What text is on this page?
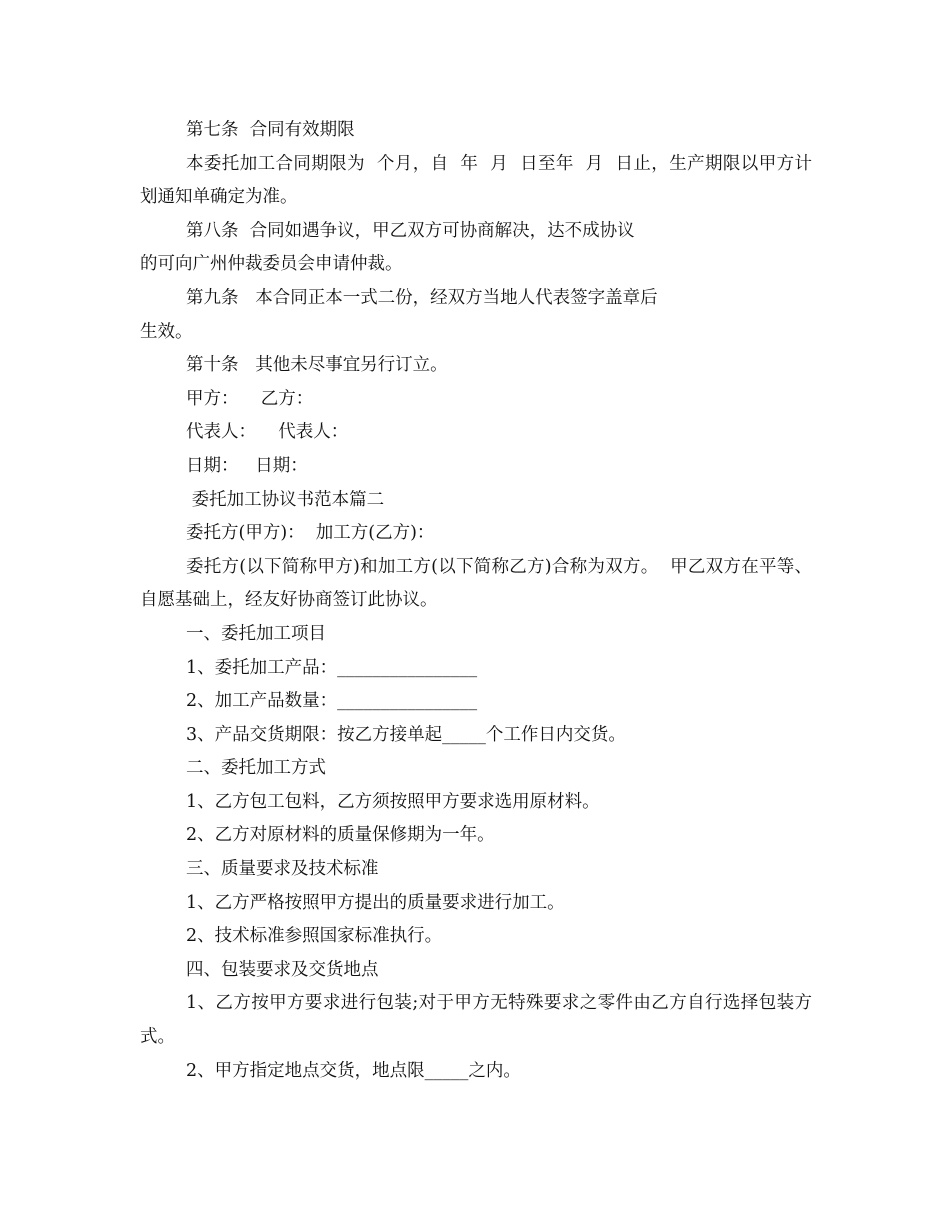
第七条  合同有效期限

本委托加工合同期限为  个月，自  年  月  日至年  月  日止，生产期限以甲方计划通知单确定为准。

第八条  合同如遇争议，甲乙双方可协商解决，达不成协议

的可向广州仲裁委员会申请仲裁。

第九条   本合同正本一式二份，经双方当地人代表签字盖章后

生效。

第十条   其他未尽事宜另行订立。

甲方：    乙方：

代表人：    代表人：

日期：   日期：

委托加工协议书范本篇二

委托方(甲方)：  加工方(乙方)：

委托方(以下简称甲方)和加工方(以下简称乙方)合称为双方。  甲乙双方在平等、自愿基础上，经友好协商签订此协议。

一、委托加工项目

1、委托加工产品：________________

2、加工产品数量：________________

3、产品交货期限：按乙方接单起_____个工作日内交货。

二、委托加工方式

1、乙方包工包料，乙方须按照甲方要求选用原材料。

2、乙方对原材料的质量保修期为一年。

三、质量要求及技术标准

1、乙方严格按照甲方提出的质量要求进行加工。

2、技术标准参照国家标准执行。

四、包装要求及交货地点

1、乙方按甲方要求进行包装;对于甲方无特殊要求之零件由乙方自行选择包装方式。

2、甲方指定地点交货，地点限_____之内。
